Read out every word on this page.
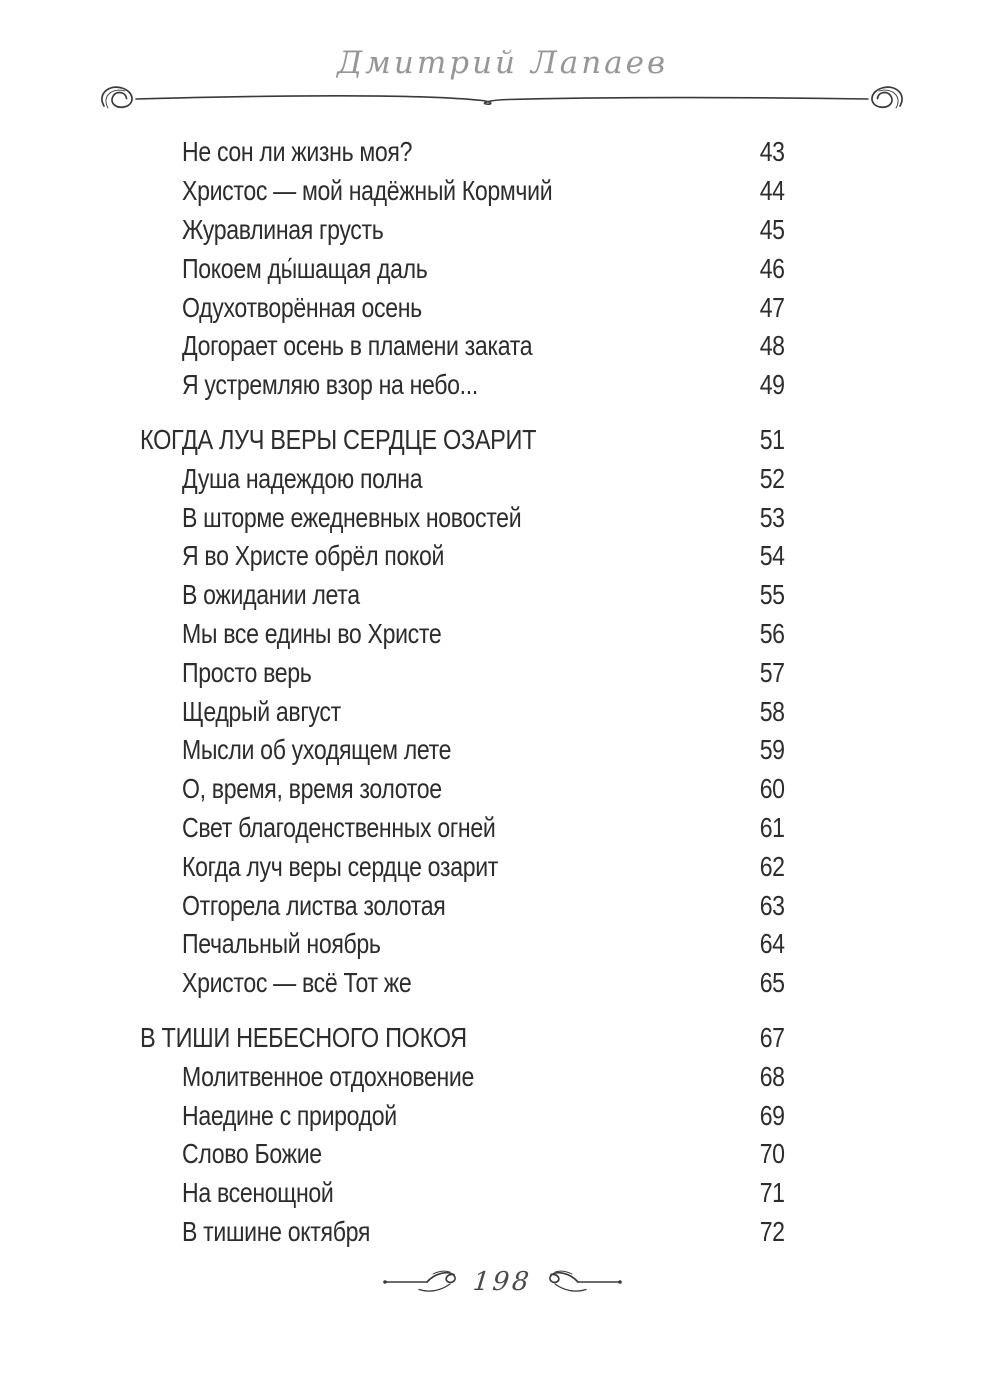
Дмитрий Лапаев
Не сон ли жизнь моя?	43
Христос — мой надёжный Кормчий	44
Журавлиная грусть	45
Покоем ды́шащая даль	46
Одухотворённая осень	47
Догорает осень в пламени заката	48
Я устремляю взор на небо...	49
КОГДА ЛУЧ ВЕРЫ СЕРДЦЕ ОЗАРИТ	51
Душа надеждою полна	52
В шторме ежедневных новостей	53
Я во Христе обрёл покой	54
В ожидании лета	55
Мы все едины во Христе	56
Просто верь	57
Щедрый август	58
Мысли об уходящем лете	59
О, время, время золотое	60
Свет благоденственных огней	61
Когда луч веры сердце озарит	62
Отгорела листва золотая	63
Печальный ноябрь	64
Христос — всё Тот же	65
В ТИШИ НЕБЕСНОГО ПОКОЯ	67
Молитвенное отдохновение	68
Наедине с природой	69
Слово Божие	70
На всенощной	71
В тишине октября	72
198
